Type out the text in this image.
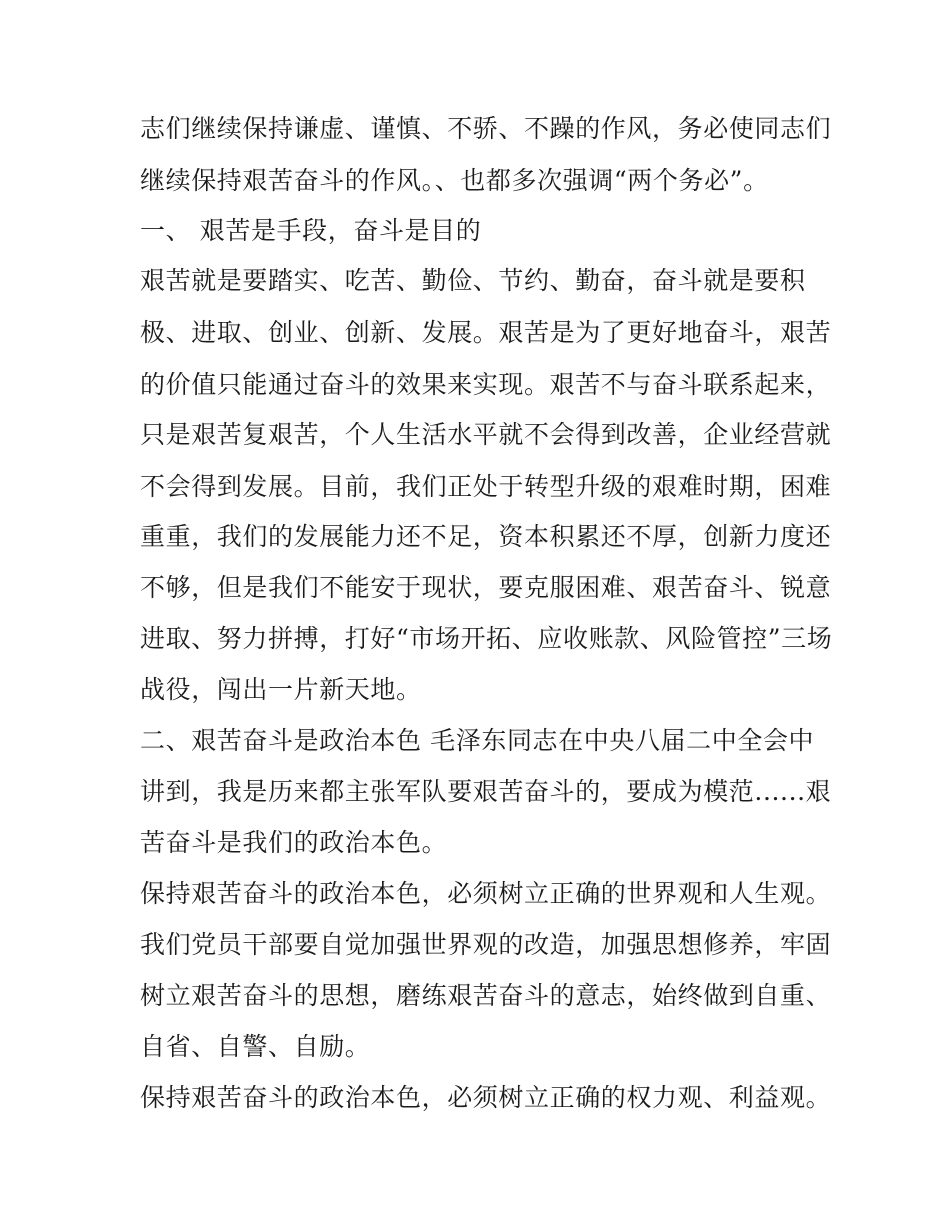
志们继续保持谦虚、谨慎、不骄、不躁的作风，务必使同志们
继续保持艰苦奋斗的作风。、也都多次强调“两个务必”。
一、 艰苦是手段，奋斗是目的
艰苦就是要踏实、吃苦、勤俭、节约、勤奋，奋斗就是要积
极、进取、创业、创新、发展。艰苦是为了更好地奋斗，艰苦
的价值只能通过奋斗的效果来实现。艰苦不与奋斗联系起来，
只是艰苦复艰苦，个人生活水平就不会得到改善，企业经营就
不会得到发展。目前，我们正处于转型升级的艰难时期，困难
重重，我们的发展能力还不足，资本积累还不厚，创新力度还
不够，但是我们不能安于现状，要克服困难、艰苦奋斗、锐意
进取、努力拼搏，打好“市场开拓、应收账款、风险管控”三场
战役，闯出一片新天地。
二、艰苦奋斗是政治本色 毛泽东同志在中央八届二中全会中
讲到，我是历来都主张军队要艰苦奋斗的，要成为模范......艰
苦奋斗是我们的政治本色。
保持艰苦奋斗的政治本色，必须树立正确的世界观和人生观。
我们党员干部要自觉加强世界观的改造，加强思想修养，牢固
树立艰苦奋斗的思想，磨练艰苦奋斗的意志，始终做到自重、
自省、自警、自励。
保持艰苦奋斗的政治本色，必须树立正确的权力观、利益观。
